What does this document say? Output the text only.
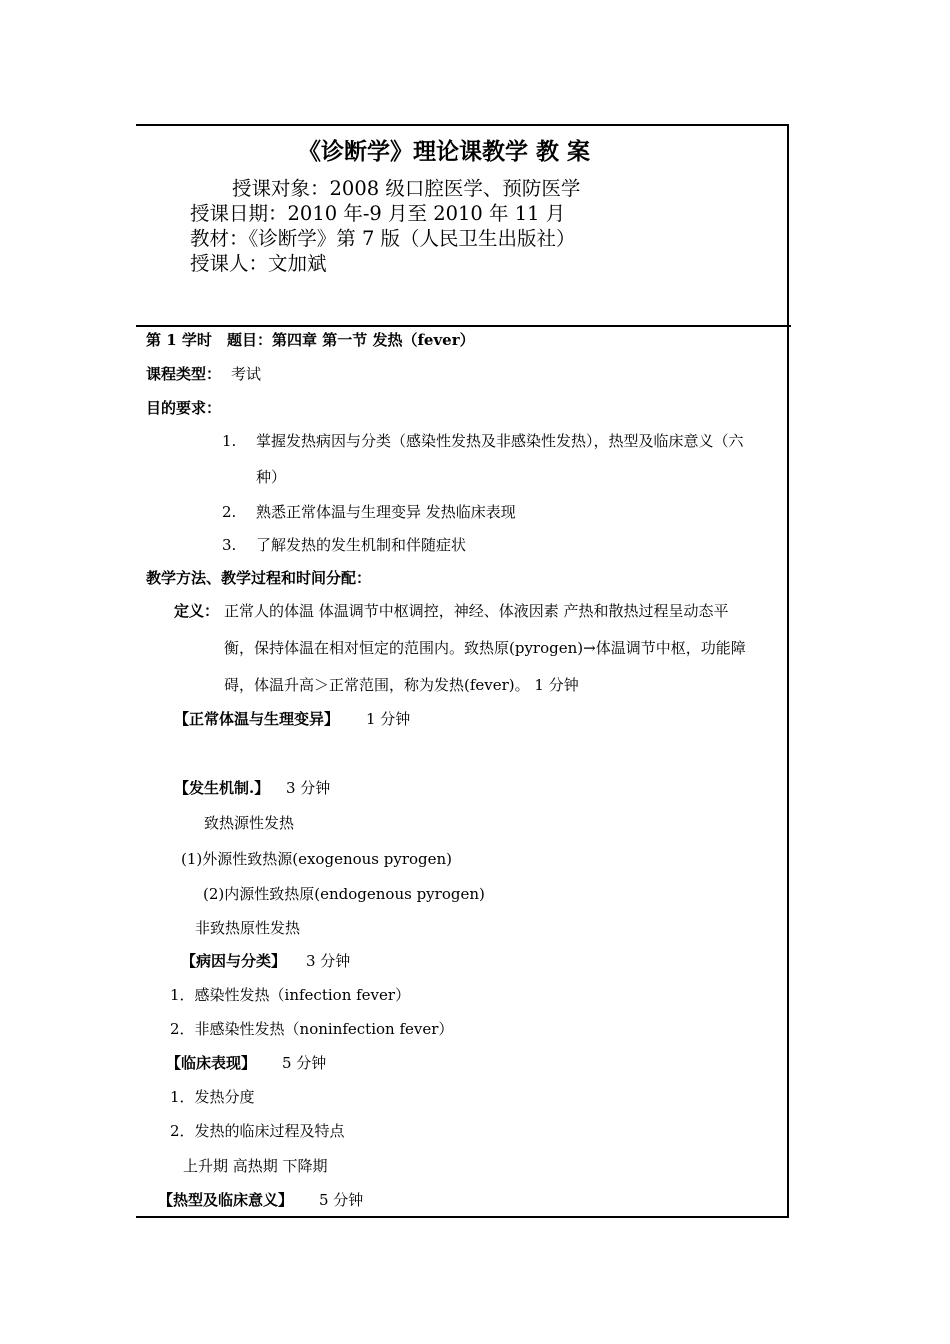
《诊断学》理论课教学 教 案
授课对象：2008 级口腔医学、预防医学
授课日期：2010 年-9 月至 2010 年 11 月
教材：《诊断学》第 7 版（人民卫生出版社）
授课人：文加斌
第 1 学时 题目：第四章 第一节 发热（fever）
课程类型： 考试
目的要求：
1. 掌握发热病因与分类（感染性发热及非感染性发热），热型及临床意义（六
种）
2. 熟悉正常体温与生理变异 发热临床表现
3. 了解发热的发生机制和伴随症状
教学方法、教学过程和时间分配：
定义： 正常人的体温 体温调节中枢调控，神经、体液因素 产热和散热过程呈动态平
衡，保持体温在相对恒定的范围内。致热原(pyrogen)→体温调节中枢，功能障
碍，体温升高＞正常范围，称为发热(fever)。 1 分钟
【正常体温与生理变异】 1 分钟
【发生机制.】 3 分钟
致热源性发热
(1)外源性致热源(exogenous pyrogen)
(2)内源性致热原(endogenous pyrogen)
非致热原性发热
【病因与分类】 3 分钟
1．感染性发热（infection fever）
2．非感染性发热（noninfection fever）
【临床表现】 5 分钟
1．发热分度
2．发热的临床过程及特点
上升期 高热期 下降期
【热型及临床意义】 5 分钟
